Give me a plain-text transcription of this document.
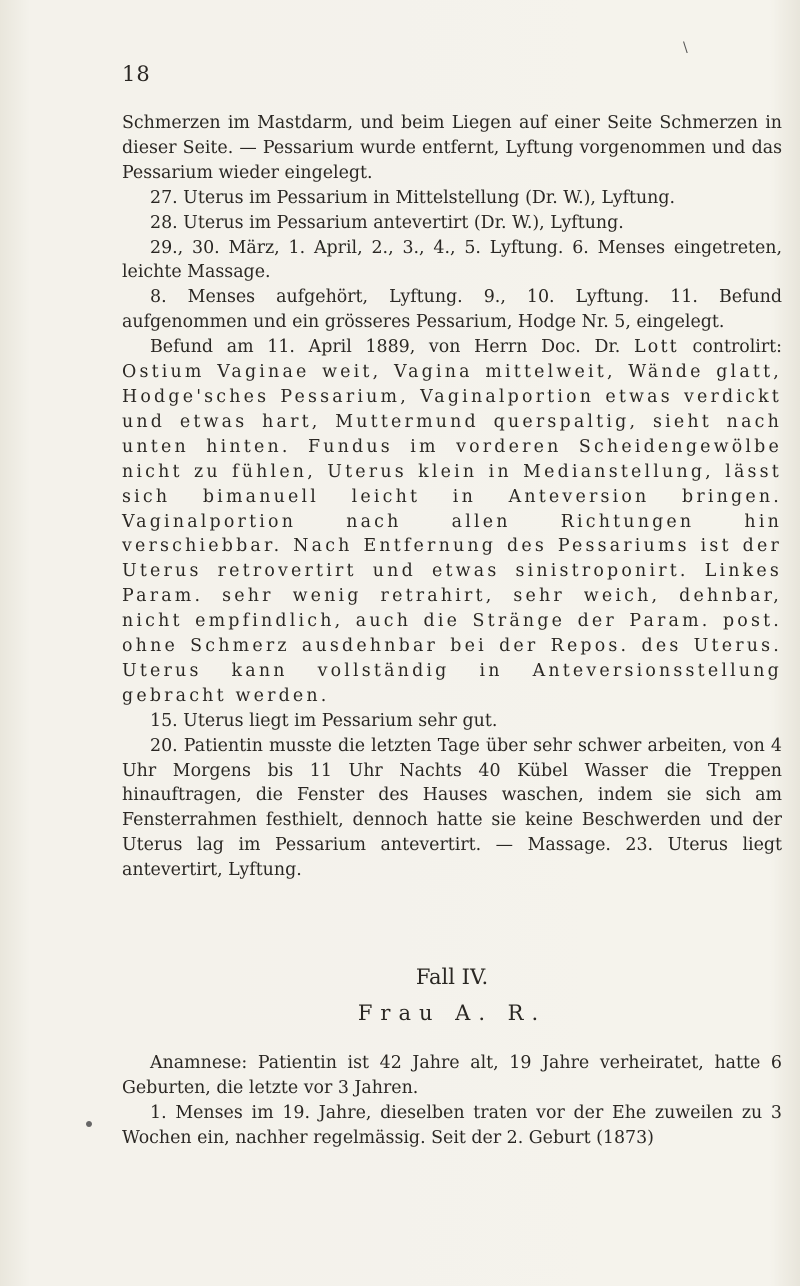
\
18

Schmerzen im Mastdarm, und beim Liegen auf einer Seite Schmerzen in dieser Seite. — Pessarium wurde entfernt, Lyftung vorgenommen und das Pessarium wieder eingelegt.

27. Uterus im Pessarium in Mittelstellung (Dr. W.), Lyftung.

28. Uterus im Pessarium antevertirt (Dr. W.), Lyftung.

29., 30. März, 1. April, 2., 3., 4., 5. Lyftung. 6. Menses eingetreten, leichte Massage.

8. Menses aufgehört, Lyftung. 9., 10. Lyftung. 11. Befund aufgenommen und ein grösseres Pessarium, Hodge Nr. 5, eingelegt.

Befund am 11. April 1889, von Herrn Doc. Dr. Lott controlirt: Ostium Vaginae weit, Vagina mittelweit, Wände glatt, Hodge'sches Pessarium, Vaginalportion etwas verdickt und etwas hart, Muttermund querspaltig, sieht nach unten hinten. Fundus im vorderen Scheidengewölbe nicht zu fühlen, Uterus klein in Medianstellung, lässt sich bimanuell leicht in Anteversion bringen. Vaginalportion nach allen Richtungen hin verschiebbar. Nach Entfernung des Pessariums ist der Uterus retrovertirt und etwas sinistroponirt. Linkes Param. sehr wenig retrahirt, sehr weich, dehnbar, nicht empfindlich, auch die Stränge der Param. post. ohne Schmerz ausdehnbar bei der Repos. des Uterus. Uterus kann vollständig in Anteversionsstellung gebracht werden.

15. Uterus liegt im Pessarium sehr gut.

20. Patientin musste die letzten Tage über sehr schwer arbeiten, von 4 Uhr Morgens bis 11 Uhr Nachts 40 Kübel Wasser die Treppen hinauftragen, die Fenster des Hauses waschen, indem sie sich am Fensterrahmen festhielt, dennoch hatte sie keine Beschwerden und der Uterus lag im Pessarium antevertirt. — Massage. 23. Uterus liegt antevertirt, Lyftung.

Fall IV.
Frau A. R.

Anamnese: Patientin ist 42 Jahre alt, 19 Jahre verheiratet, hatte 6 Geburten, die letzte vor 3 Jahren.

1. Menses im 19. Jahre, dieselben traten vor der Ehe zuweilen zu 3 Wochen ein, nachher regelmässig. Seit der 2. Geburt (1873)
